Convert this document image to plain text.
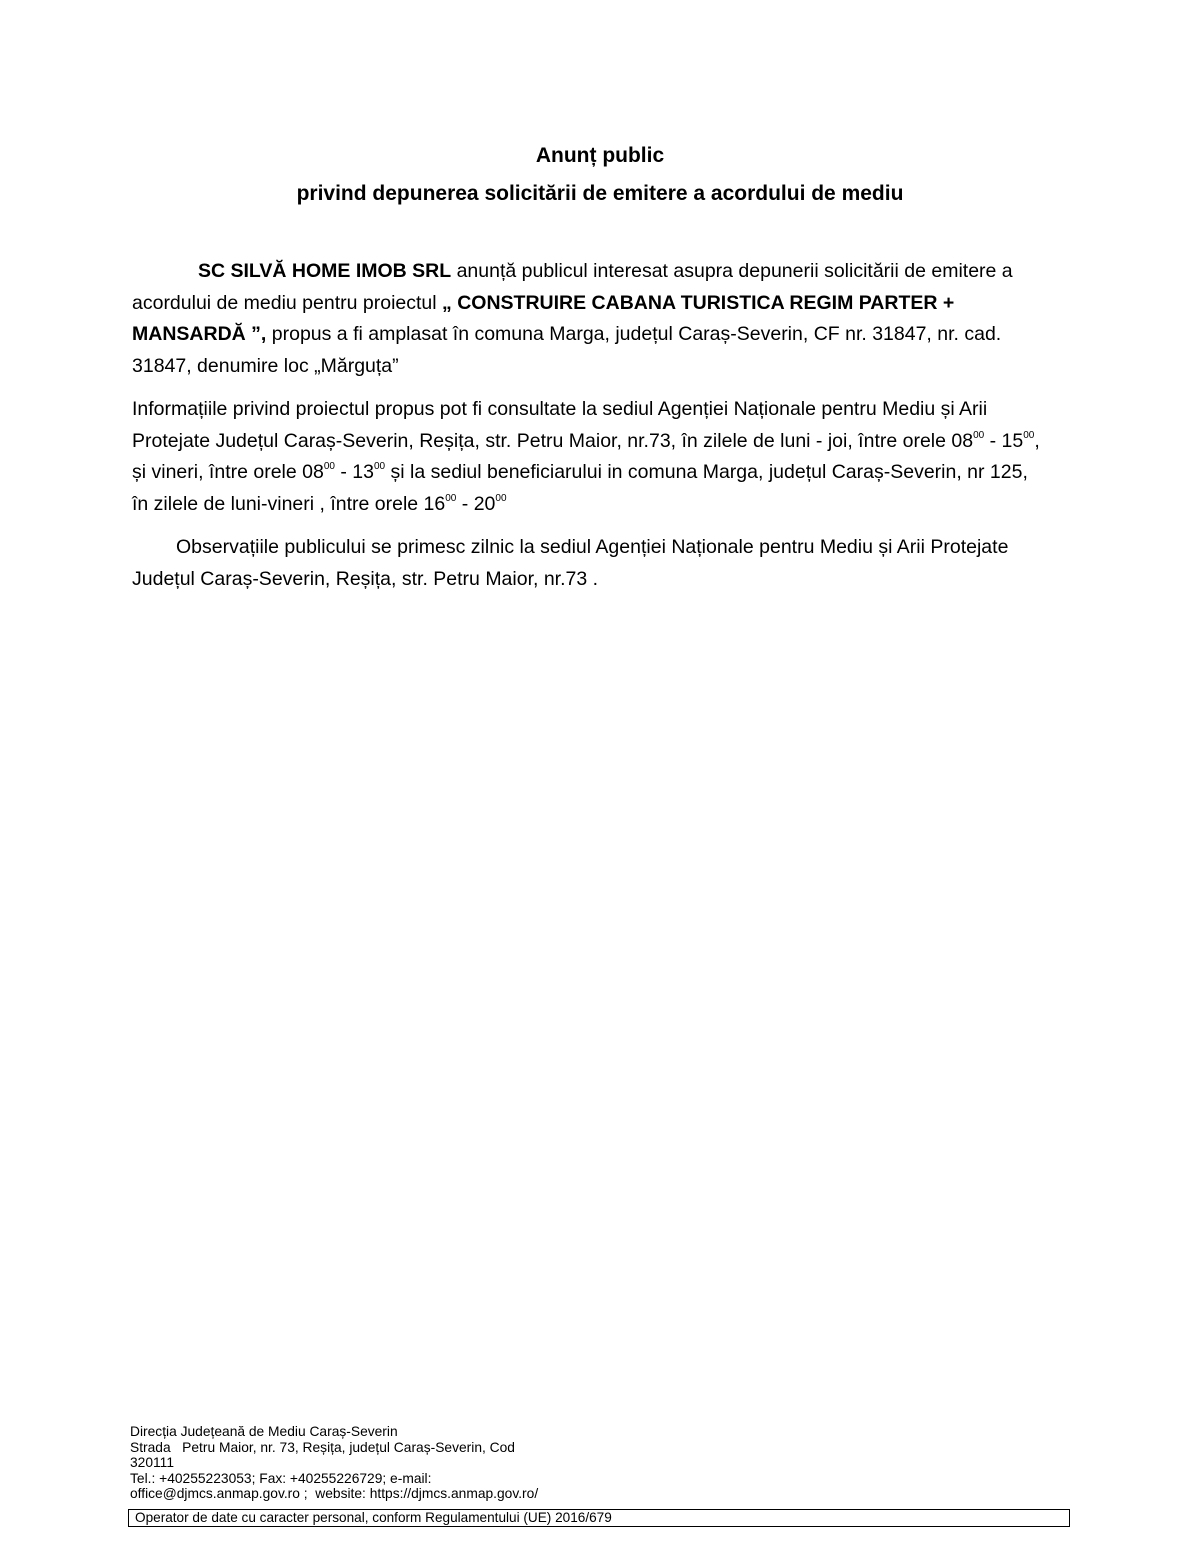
Anunț public
privind depunerea solicitării de emitere a acordului de mediu
SC SILVĂ HOME IMOB SRL anunță publicul interesat asupra depunerii solicitării de emitere a acordului de mediu pentru proiectul „ CONSTRUIRE CABANA TURISTICA REGIM PARTER + MANSARDĂ ”, propus a fi amplasat în comuna Marga, județul Caraș-Severin, CF nr. 31847, nr. cad. 31847, denumire loc „Mărguța”
Informațiile privind proiectul propus pot fi consultate la sediul Agenției Naționale pentru Mediu și Arii Protejate Județul Caraș-Severin, Reșița, str. Petru Maior, nr.73, în zilele de luni - joi, între orele $08^{00} - 15^{00}$, și vineri, între orele $08^{00} - 13^{00}$ și la sediul beneficiarului in comuna Marga, județul Caraș-Severin, nr 125, în zilele de luni-vineri , între orele $16^{00} - 20^{00}$
Observațiile publicului se primesc zilnic la sediul Agenției Naționale pentru Mediu și Arii Protejate Județul Caraș-Severin, Reșița, str. Petru Maior, nr.73 .
Direcția Județeană de Mediu Caraș-Severin
Strada   Petru Maior, nr. 73, Reșița, județul Caraș-Severin, Cod
320111
Tel.: +40255223053; Fax: +40255226729; e-mail:
office@djmcs.anmap.gov.ro ;  website: https://djmcs.anmap.gov.ro/
Operator de date cu caracter personal, conform Regulamentului (UE) 2016/679
